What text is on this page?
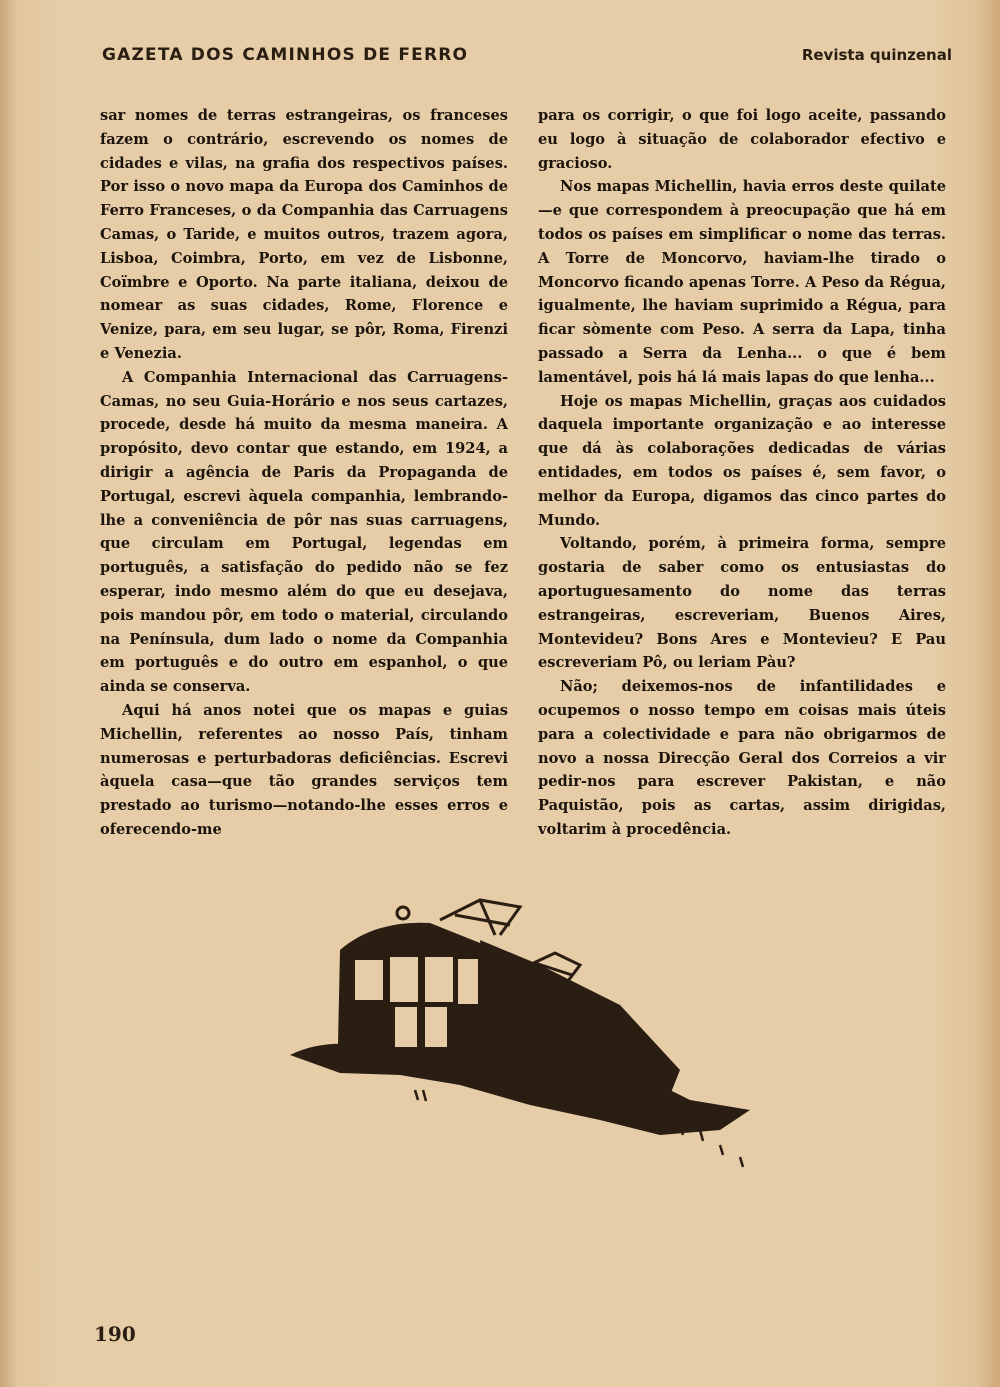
GAZETA DOS CAMINHOS DE FERRO	Revista quinzenal

sar nomes de terras estrangeiras, os franceses fazem o contrário, escrevendo os nomes de cidades e vilas, na grafia dos respectivos países. Por isso o novo mapa da Europa dos Caminhos de Ferro Franceses, o da Companhia das Carruagens Camas, o Taride, e muitos outros, trazem agora, Lisboa, Coimbra, Porto, em vez de Lisbonne, Coïmbre e Oporto. Na parte italiana, deixou de nomear as suas cidades, Rome, Florence e Venize, para, em seu lugar, se pôr, Roma, Firenzi e Venezia.

A Companhia Internacional das Carruagens-Camas, no seu Guia-Horário e nos seus cartazes, procede, desde há muito da mesma maneira. A propósito, devo contar que estando, em 1924, a dirigir a agência de Paris da Propaganda de Portugal, escrevi àquela companhia, lembrando-lhe a conveniência de pôr nas suas carruagens, que circulam em Portugal, legendas em português, a satisfação do pedido não se fez esperar, indo mesmo além do que eu desejava, pois mandou pôr, em todo o material, circulando na Península, dum lado o nome da Companhia em português e do outro em espanhol, o que ainda se conserva.

Aqui há anos notei que os mapas e guias Michellin, referentes ao nosso País, tinham numerosas e perturbadoras deficiências. Escrevi àquela casa—que tão grandes serviços tem prestado ao turismo—notando-lhe esses erros e oferecendo-me

para os corrigir, o que foi logo aceite, passando eu logo à situação de colaborador efectivo e gracioso.

Nos mapas Michellin, havia erros deste quilate —e que correspondem à preocupação que há em todos os países em simplificar o nome das terras. A Torre de Moncorvo, haviam-lhe tirado o Moncorvo ficando apenas Torre. A Peso da Régua, igualmente, lhe haviam suprimido a Régua, para ficar sòmente com Peso. A serra da Lapa, tinha passado a Serra da Lenha... o que é bem lamentável, pois há lá mais lapas do que lenha...

Hoje os mapas Michellin, graças aos cuidados daquela importante organização e ao interesse que dá às colaborações dedicadas de várias entidades, em todos os países é, sem favor, o melhor da Europa, digamos das cinco partes do Mundo.

Voltando, porém, à primeira forma, sempre gostaria de saber como os entusiastas do aportuguesamento do nome das terras estrangeiras, escreveriam, Buenos Aires, Montevideu? Bons Ares e Montevieu? E Pau escreveriam Pô, ou leriam Pàu?

Não; deixemos-nos de infantilidades e ocupemos o nosso tempo em coisas mais úteis para a colectividade e para não obrigarmos de novo a nossa Direcção Geral dos Correios a vir pedir-nos para escrever Pakistan, e não Paquistão, pois as cartas, assim dirigidas, voltarim à procedência.

190
